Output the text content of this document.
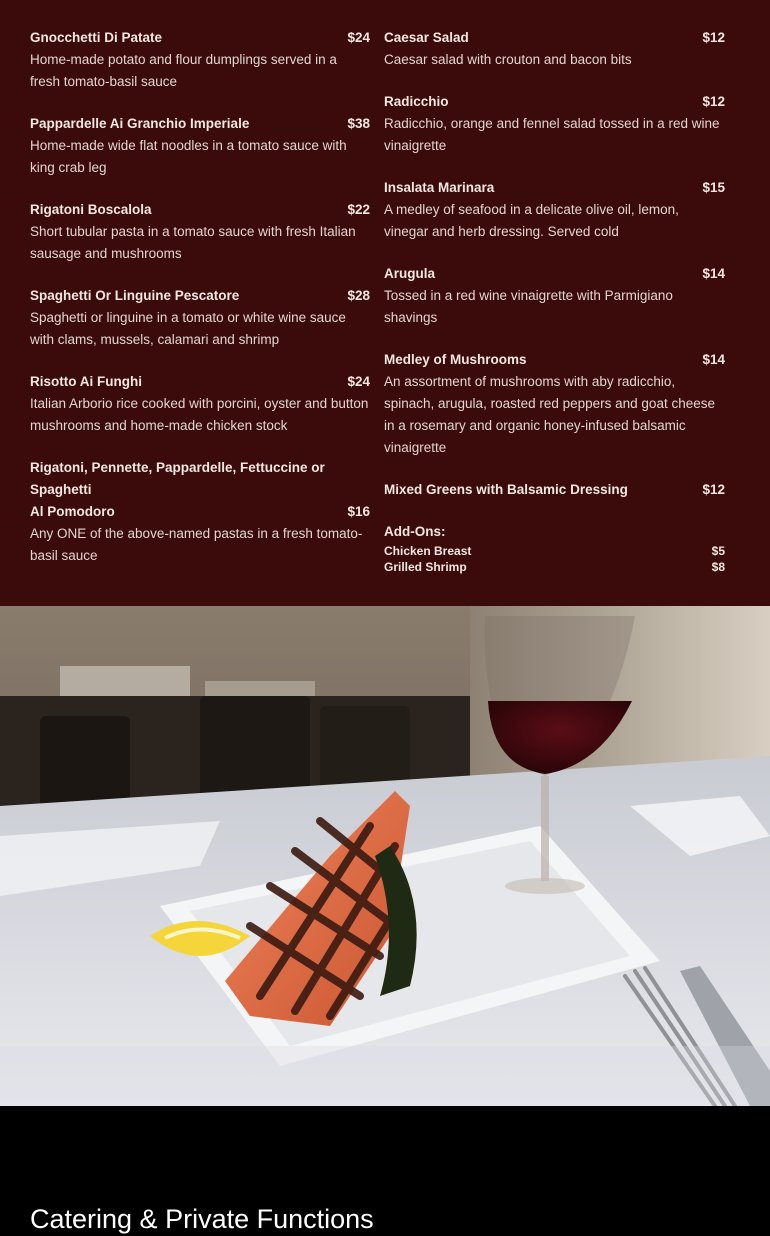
Gnocchetti Di Patate	$24
Home-made potato and flour dumplings served in a fresh tomato-basil sauce
Pappardelle Ai Granchio Imperiale	$38
Home-made wide flat noodles in a tomato sauce with king crab leg
Rigatoni Boscalola	$22
Short tubular pasta in a tomato sauce with fresh Italian sausage and mushrooms
Spaghetti Or Linguine Pescatore	$28
Spaghetti or linguine in a tomato or white wine sauce with clams, mussels, calamari and shrimp
Risotto Ai Funghi	$24
Italian Arborio rice cooked with porcini, oyster and button mushrooms and home-made chicken stock
Rigatoni, Pennette, Pappardelle, Fettuccine or Spaghetti
Al Pomodoro	$16
Any ONE of the above-named pastas in a fresh tomato-basil sauce
Caesar Salad	$12
Caesar salad with crouton and bacon bits
Radicchio	$12
Radicchio, orange and fennel salad tossed in a red wine vinaigrette
Insalata Marinara	$15
A medley of seafood in a delicate olive oil, lemon, vinegar and herb dressing. Served cold
Arugula	$14
Tossed in a red wine vinaigrette with Parmigiano shavings
Medley of Mushrooms	$14
An assortment of mushrooms with aby radicchio, spinach, arugula, roasted red peppers and goat cheese in a rosemary and organic honey-infused balsamic vinaigrette
Mixed Greens with Balsamic Dressing	$12
Add-Ons:
Chicken Breast	$5
Grilled Shrimp	$8
Catering & Private Functions
